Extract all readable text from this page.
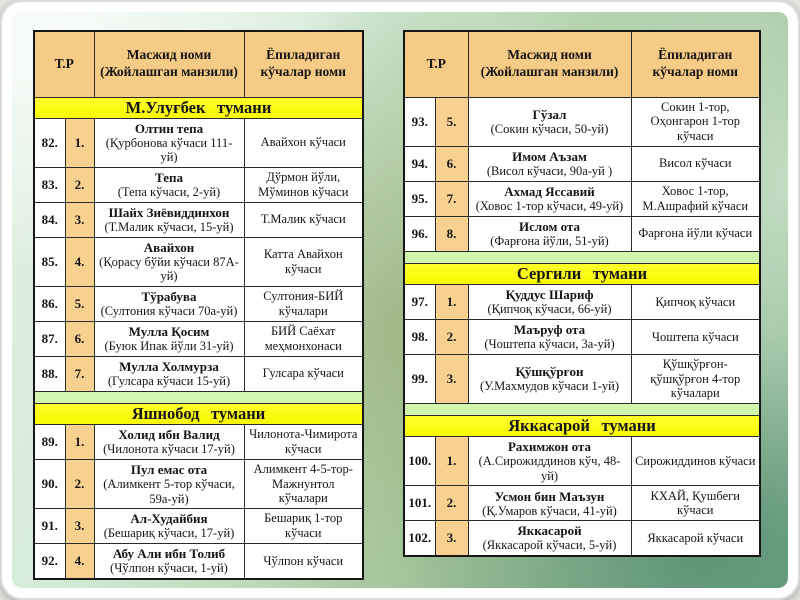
Т.Р		Масжид номи
(Жойлашган манзили)	Ёпиладиган
кўчалар номи

М.Улуғбек тумани			
82.	1.	Олтин тепа
(Қурбонова кўчаси 111-уй)	Авайхон кўчаси
83.	2.	Тепа
(Тепа кўчаси, 2-уй)	Дўрмон йўли, Мўминов кўчаси
84.	3.	Шайх Зиёвиддинхон
(Т.Малик кўчаси, 15-уй)	Т.Малик кўчаси
85.	4.	Авайхон
(Қорасу бўйи кўчаси 87А-уй)	Катта Авайхон кўчаси
86.	5.	Тўрабува
(Султония кўчаси 70а-уй)	Султония-БИЙ кўчалари
87.	6.	Мулла Қосим
(Буюк Ипак йўли 31-уй)	БИЙ Саёхат меҳмонхонаси
88.	7.	Мулла Холмурза
(Гулсара кўчаси 15-уй)	Гулсара кўчаси

Яшнобод тумани			
89.	1.	Холид ибн Валид
(Чилонота кўчаси 17-уй)	Чилонота-Чимирота кўчаси
90.	2.	Пул емас ота
(Алимкент 5-тор кўчаси, 59а-уй)	Алимкент 4-5-тор-Мажнунтол кўчалари
91.	3.	Ал-Худайбия
(Бешариқ кўчаси, 17-уй)	Бешариқ 1-тор кўчаси
92.	4.	Абу Али ибн Толиб
(Чўлпон кўчаси, 1-уй)	Чўлпон кўчаси
Т.Р		Масжид номи
(Жойлашган манзили)	Ёпиладиган
кўчалар номи

93.	5.	Гўзал
(Сокин кўчаси, 50-уй)	Сокин 1-тор, Оҳонгарон 1-тор кўчаси
94.	6.	Имом Аъзам
(Висол кўчаси, 90а-уй )	Висол кўчаси
95.	7.	Ахмад Яссавий
(Ховос 1-тор кўчаси, 49-уй)	Ховос 1-тор, М.Ашрафий кўчаси
96.	8.	Ислом ота
(Фарғона йўли, 51-уй)	Фарғона йўли кўчаси

Сергили тумани			
97.	1.	Қуддус Шариф
(Қипчоқ кўчаси, 66-уй)	Қипчоқ кўчаси
98.	2.	Маъруф ота
(Чоштепа кўчаси, 3а-уй)	Чоштепа кўчаси
99.	3.	Қўшқўрғон
(У.Махмудов кўчаси 1-уй)	Қўшқўрғон-қўшқўрғон 4-тор кўчалари

Яккасарой тумани			
100.	1.	Рахимжон ота
(А.Сирожиддинов кўч, 48-уй)	Сирожиддинов кўчаси
101.	2.	Усмон бин Маъзун
(Қ.Умаров кўчаси, 41-уй)	КХАЙ, Қушбеги кўчаси
102.	3.	Яккасарой
(Яккасарой кўчаси, 5-уй)	Яккасарой кўчаси
